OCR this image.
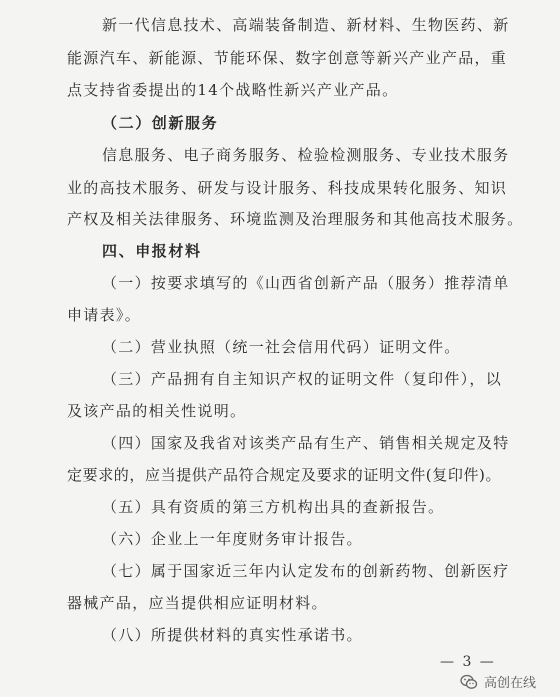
新一代信息技术、高端装备制造、新材料、生物医药、新
能源汽车、新能源、节能环保、数字创意等新兴产业产品，重
点支持省委提出的14个战略性新兴产业产品。
（二）创新服务
信息服务、电子商务服务、检验检测服务、专业技术服务
业的高技术服务、研发与设计服务、科技成果转化服务、知识
产权及相关法律服务、环境监测及治理服务和其他高技术服务。
四、申报材料
（一）按要求填写的《山西省创新产品（服务）推荐清单
申请表》。
（二）营业执照（统一社会信用代码）证明文件。
（三）产品拥有自主知识产权的证明文件（复印件），以
及该产品的相关性说明。
（四）国家及我省对该类产品有生产、销售相关规定及特
定要求的，应当提供产品符合规定及要求的证明文件(复印件)。
（五）具有资质的第三方机构出具的查新报告。
（六）企业上一年度财务审计报告。
（七）属于国家近三年内认定发布的创新药物、创新医疗
器械产品，应当提供相应证明材料。
（八）所提供材料的真实性承诺书。
— 3 —
高创在线
